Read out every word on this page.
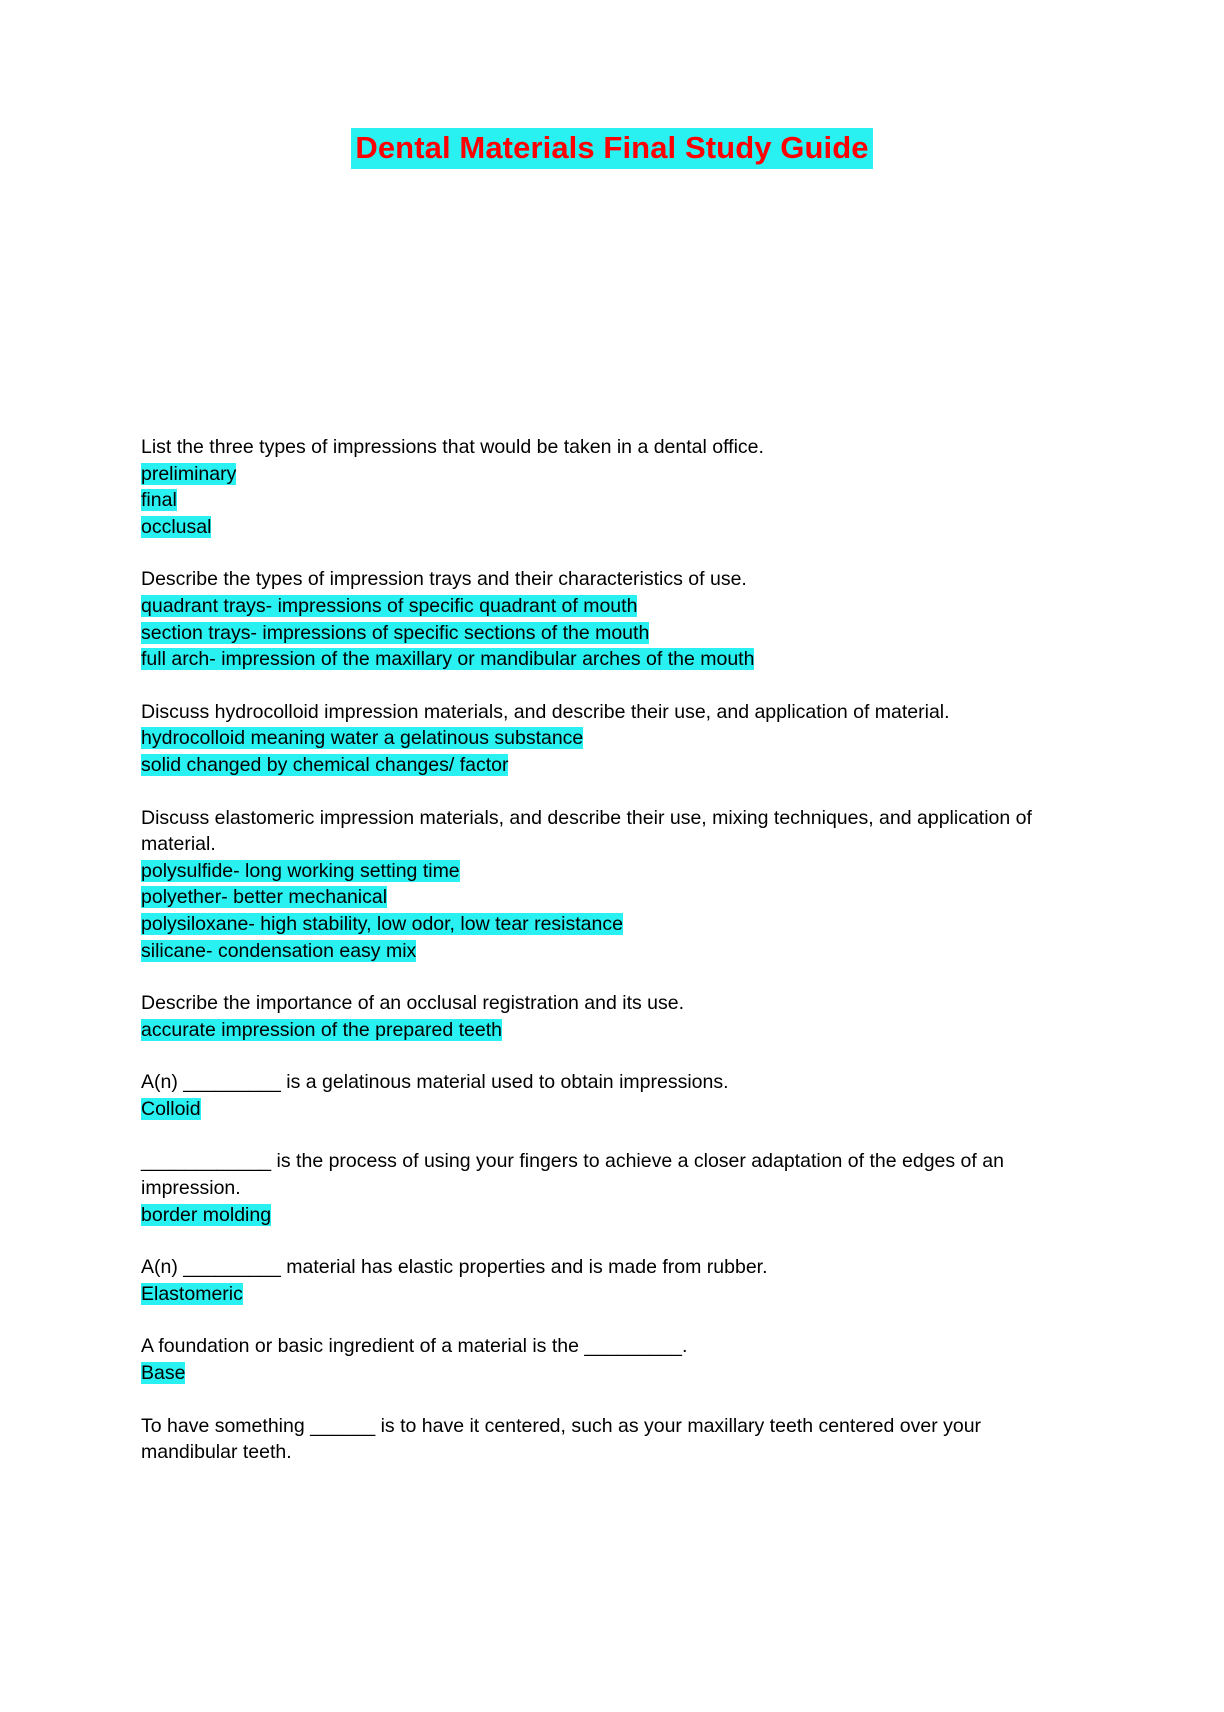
Dental Materials Final Study Guide
List the three types of impressions that would be taken in a dental office.
preliminary
final
occlusal
Describe the types of impression trays and their characteristics of use.
quadrant trays- impressions of specific quadrant of mouth
section trays- impressions of specific sections of the mouth
full arch- impression of the maxillary or mandibular arches of the mouth
Discuss hydrocolloid impression materials, and describe their use, and application of material.
hydrocolloid meaning water a gelatinous substance
solid changed by chemical changes/ factor
Discuss elastomeric impression materials, and describe their use, mixing techniques, and application of material.
polysulfide- long working setting time
polyether- better mechanical
polysiloxane- high stability, low odor, low tear resistance
silicane- condensation easy mix
Describe the importance of an occlusal registration and its use.
accurate impression of the prepared teeth
A(n) _________ is a gelatinous material used to obtain impressions.
Colloid
____________ is the process of using your fingers to achieve a closer adaptation of the edges of an impression.
border molding
A(n) _________ material has elastic properties and is made from rubber.
Elastomeric
A foundation or basic ingredient of a material is the _________.
Base
To have something ______ is to have it centered, such as your maxillary teeth centered over your mandibular teeth.
